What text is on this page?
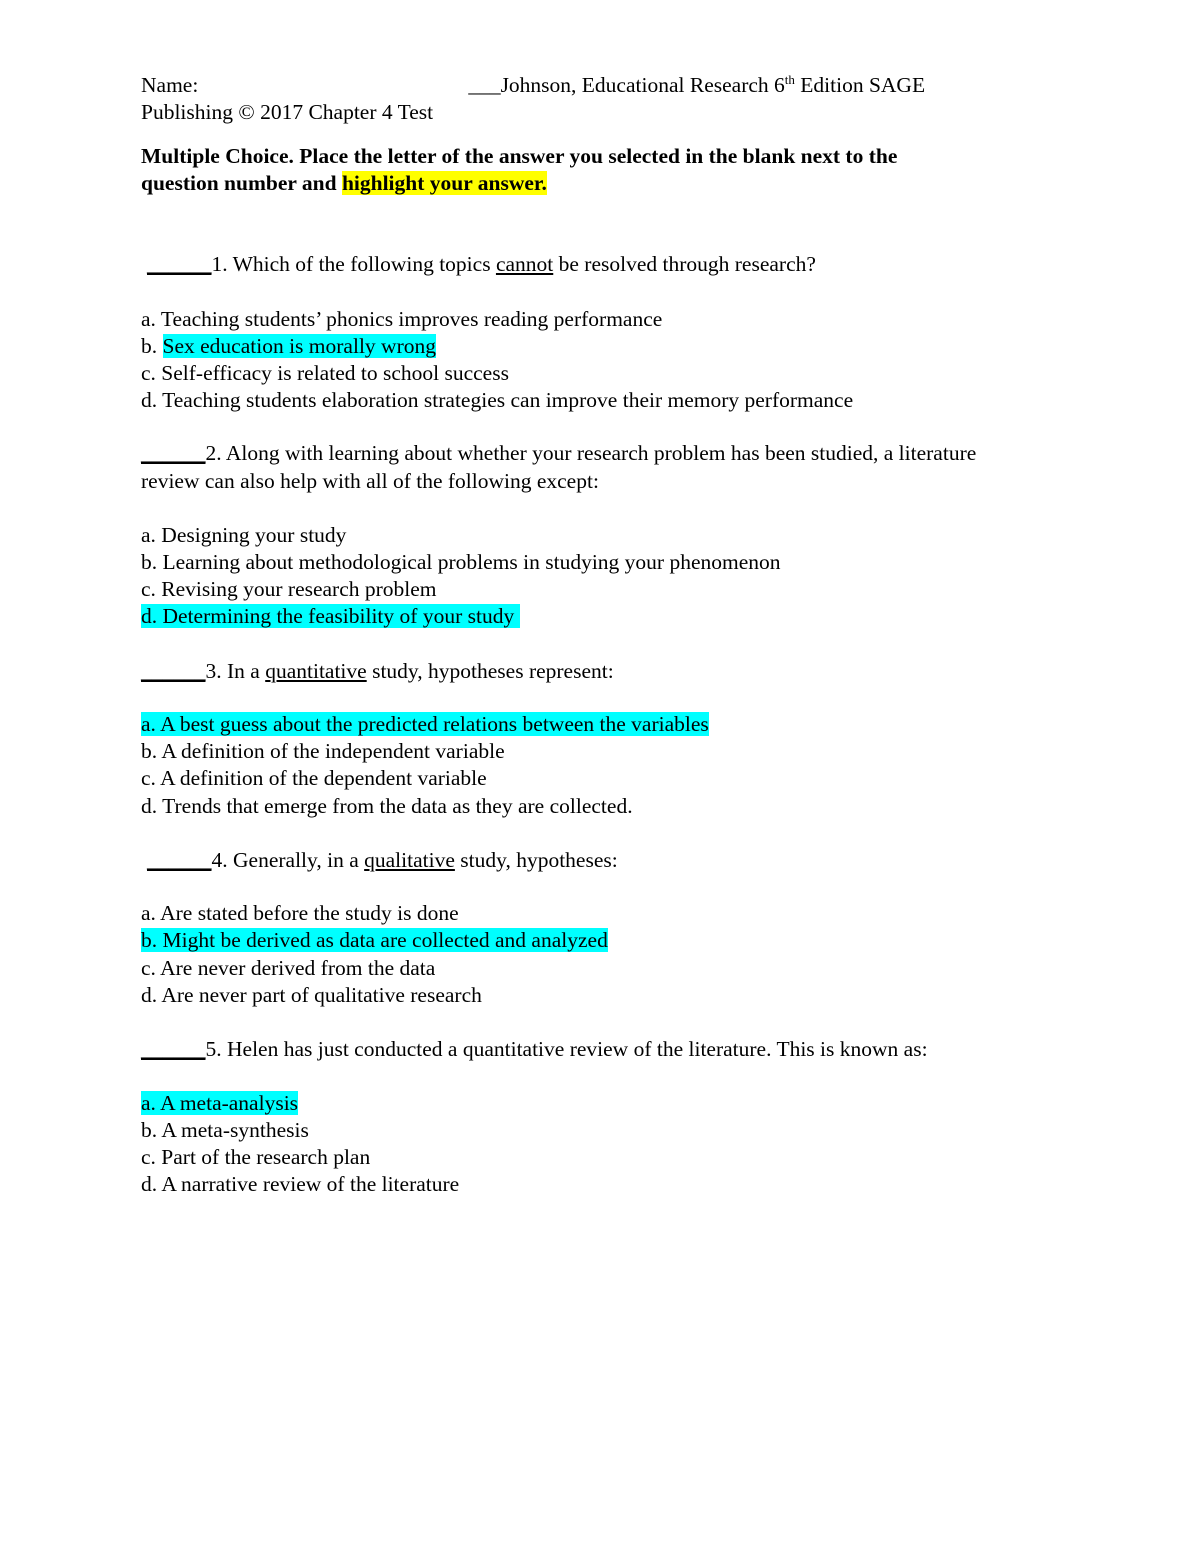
Name:	___Johnson, Educational Research 6th Edition SAGE
Publishing © 2017 Chapter 4 Test
Multiple Choice. Place the letter of the answer you selected in the blank next to the
question number and highlight your answer.
______1. Which of the following topics cannot be resolved through research?
a. Teaching students’ phonics improves reading performance
b. Sex education is morally wrong
c. Self-efficacy is related to school success
d. Teaching students elaboration strategies can improve their memory performance
______2. Along with learning about whether your research problem has been studied, a literature
review can also help with all of the following except:
a. Designing your study
b. Learning about methodological problems in studying your phenomenon
c. Revising your research problem
d. Determining the feasibility of your study
______3. In a quantitative study, hypotheses represent:
a. A best guess about the predicted relations between the variables
b. A definition of the independent variable
c. A definition of the dependent variable
d. Trends that emerge from the data as they are collected.
______4. Generally, in a qualitative study, hypotheses:
a. Are stated before the study is done
b. Might be derived as data are collected and analyzed
c. Are never derived from the data
d. Are never part of qualitative research
______5. Helen has just conducted a quantitative review of the literature. This is known as:
a. A meta-analysis
b. A meta-synthesis
c. Part of the research plan
d. A narrative review of the literature
